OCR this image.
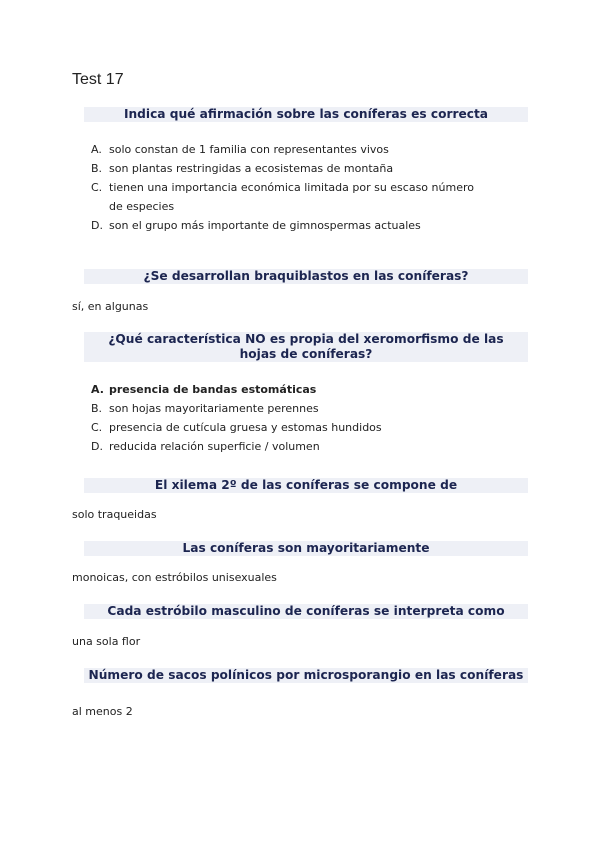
Test 17
Indica qué afirmación sobre las coníferas es correcta
A. solo constan de 1 familia con representantes vivos
B. son plantas restringidas a ecosistemas de montaña
C. tienen una importancia económica limitada por su escaso número de especies
D. son el grupo más importante de gimnospermas actuales
¿Se desarrollan braquiblastos en las coníferas?
sí, en algunas
¿Qué característica NO es propia del xeromorfismo de las hojas de coníferas?
A. presencia de bandas estomáticas
B. son hojas mayoritariamente perennes
C. presencia de cutícula gruesa y estomas hundidos
D. reducida relación superficie / volumen
El xilema 2º de las coníferas se compone de
solo traqueidas
Las coníferas son mayoritariamente
monoicas, con estróbilos unisexuales
Cada estróbilo masculino de coníferas se interpreta como
una sola flor
Número de sacos polínicos por microsporangio en las coníferas
al menos 2
